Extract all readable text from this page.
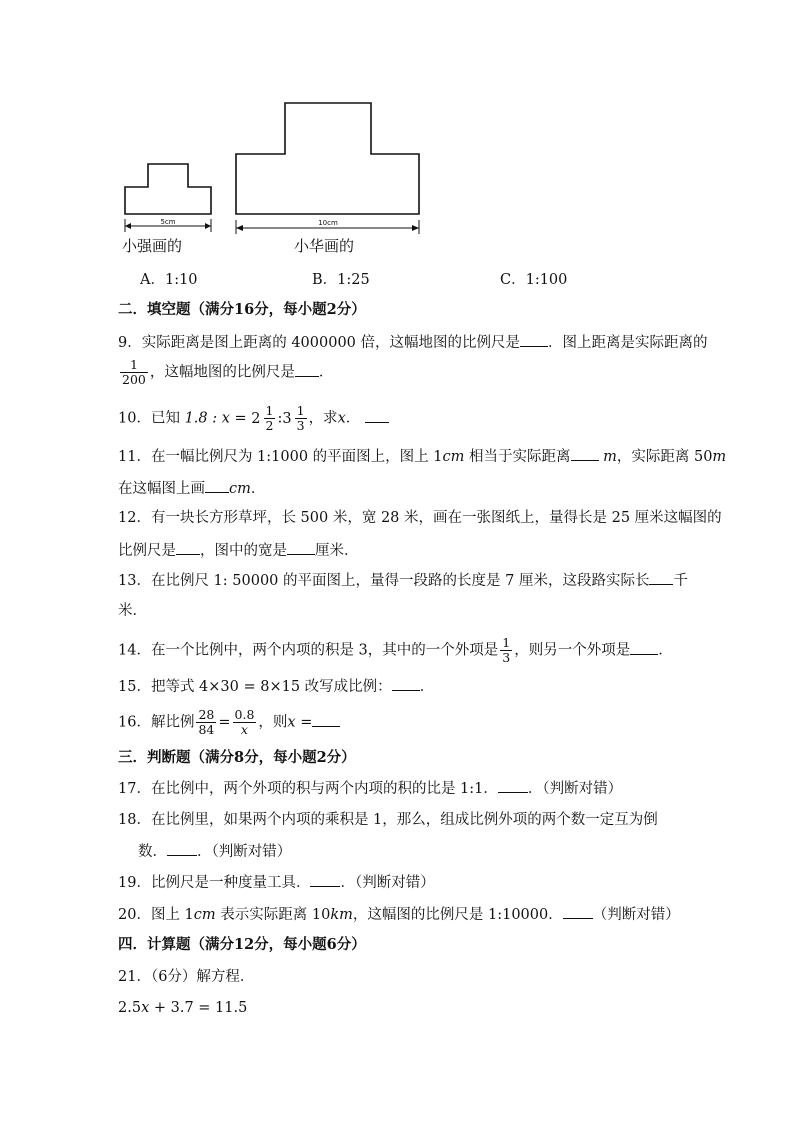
5cm
小强画的
10cm
小华画的
A．1:10	B．1:25	C．1:100
二．填空题（满分16分，每小题2分）
9．实际距离是图上距离的 4000000 倍，这幅地图的比例尺是 ．图上距离是实际距离的
$\frac{1}{200}$ ，这幅地图的比例尺是 ．
10．已知 1.8 : $x = 2 \frac{1}{2}$ : $3 \frac{1}{3}$ ，求x．
11．在一幅比例尺为 1:1000 的平面图上，图上 1cm 相当于实际距离 m，实际距离 50m
在这幅图上画 cm．
12．有一块长方形草坪，长 500 米，宽 28 米，画在一张图纸上，量得长是 25 厘米这幅图的
比例尺是 ，图中的宽是 厘米．
13．在比例尺 1: 50000 的平面图上，量得一段路的长度是 7 厘米，这段路实际长 千
米．
14．在一个比例中，两个内项的积是 3，其中的一个外项是 $\frac{1}{3}$ ，则另一个外项是 ．
15．把等式 4×30 = 8×15 改写成比例： ．
16．解比例 $\frac{28}{84} = \frac{0.8}{x}$ ，则x =
三．判断题（满分8分，每小题2分）
17．在比例中，两个外项的积与两个内项的积的比是 1:1． ．（判断对错）
18．在比例里，如果两个内项的乘积是 1，那么，组成比例外项的两个数一定互为倒
数． ．（判断对错）
19．比例尺是一种度量工具． ．（判断对错）
20．图上 1cm 表示实际距离 10km，这幅图的比例尺是 1:10000． （判断对错）
四．计算题（满分12分，每小题6分）
21．（6分）解方程．
2.5x + 3.7 = 11.5
